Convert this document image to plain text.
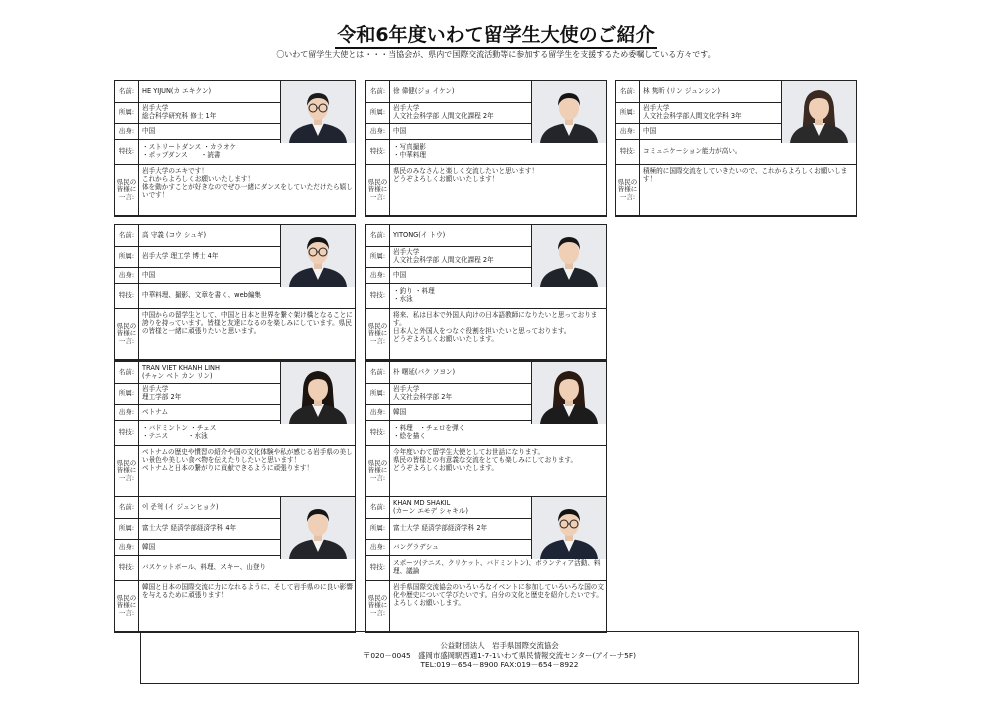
令和6年度いわて留学生大使のご紹介
〇いわて留学生大使とは・・・当協会が、県内で国際交流活動等に参加する留学生を支援するため委嘱している方々です。
名前:	HE YIJUN(カ エキクン)
所属:
岩手大学
総合科学研究科 修士 1年
出身:	中国
特技:
・ストリートダンス ・カラオケ
・ポップダンス　　・読書
県民の皆様に一言:
岩手大学のエキです！
これからよろしくお願いいたします！
体を動かすことが好きなのでぜひ一緒にダンスをしていただけたら嬉しいです！
名前:	徐 偉健(ジョ イケン)
所属:
岩手大学
人文社会科学部 人間文化課程 2年
出身:	中国
特技:
・写真撮影
・中華料理
県民の皆様に一言:
県民のみなさんと楽しく交流したいと思います！
どうぞよろしくお願いいたします！
名前:	林 隽昕 (リン ジュンシン)
所属:
岩手大学
人文社会科学部人間文化学科 3年
出身:	中国
特技:	コミュニケーション能力が高い。
県民の皆様に一言:
積極的に国際交流をしていきたいので、これからよろしくお願いします！
名前:	高 守義 (コウ シュギ)
所属:	岩手大学 理工学 博士 4年
出身:	中国
特技:	中華料理、撮影、文章を書く、web編集
県民の皆様に一言:
中国からの留学生として、中国と日本と世界を繋ぐ架け橋となることに誇りを持っています。皆様と友達になるのを楽しみにしています。県民の皆様と一緒に頑張りたいと思います。
名前:	YITONG(イ トウ)
所属:
岩手大学
人文社会科学部 人間文化課程 2年
出身:	中国
特技:
・釣り ・料理
・水泳
県民の皆様に一言:
将来、私は日本で外国人向けの日本語教師になりたいと思っております。
日本人と外国人をつなぐ役割を担いたいと思っております。
どうぞよろしくお願いいたします。
名前:
TRAN VIET KHANH LINH
(チャン ベト カン リン)
所属:
岩手大学
理工学部 2年
出身:	ベトナム
特技:
・バドミントン ・チェス
・テニス　　　・水泳
県民の皆様に一言:
ベトナムの歴史や慣習の紹介や国の文化体験や私が感じる岩手県の美しい景色や美しい食べ物を伝えたりしたいと思います！
ベトナムと日本の繋がりに貢献できるように頑張ります！
名前:	朴 曙延(パク ソヨン)
所属:
岩手大学
人文社会科学部 2年
出身:	韓国
特技:
・料理　・チェロを弾く
・絵を描く
県民の皆様に一言:
今年度いわて留学生大使としてお世話になります。
県民の皆様との有意義な交流をとても楽しみにしております。
どうぞよろしくお願いいたします。
名前:	이 준혁 (イ ジュンヒョク)
所属:	富士大学 経済学部経済学科 4年
出身:	韓国
特技:	バスケットボール、料理、スキー、山登り
県民の皆様に一言:
韓国と日本の国際交流に力になれるように、そして岩手県のに良い影響を与えるために頑張ります！
名前:
KHAN MD SHAKIL
(カーン エモデ シャキル)
所属:	富士大学 経済学部経済学科 2年
出身:	バングラデシュ
特技:
スポーツ(テニス、クリケット、バドミントン)、ボランティア活動、料理、議論
県民の皆様に一言:
岩手県国際交流協会のいろいろなイベントに参加していろいろな国の文化や歴史について学びたいです。自分の文化と歴史を紹介したいです。よろしくお願いします。
公益財団法人　岩手県国際交流協会
〒020－0045　盛岡市盛岡駅西通1-7-1いわて県民情報交流センター(アイーナ5F)
TEL:019－654－8900 FAX:019－654－8922
